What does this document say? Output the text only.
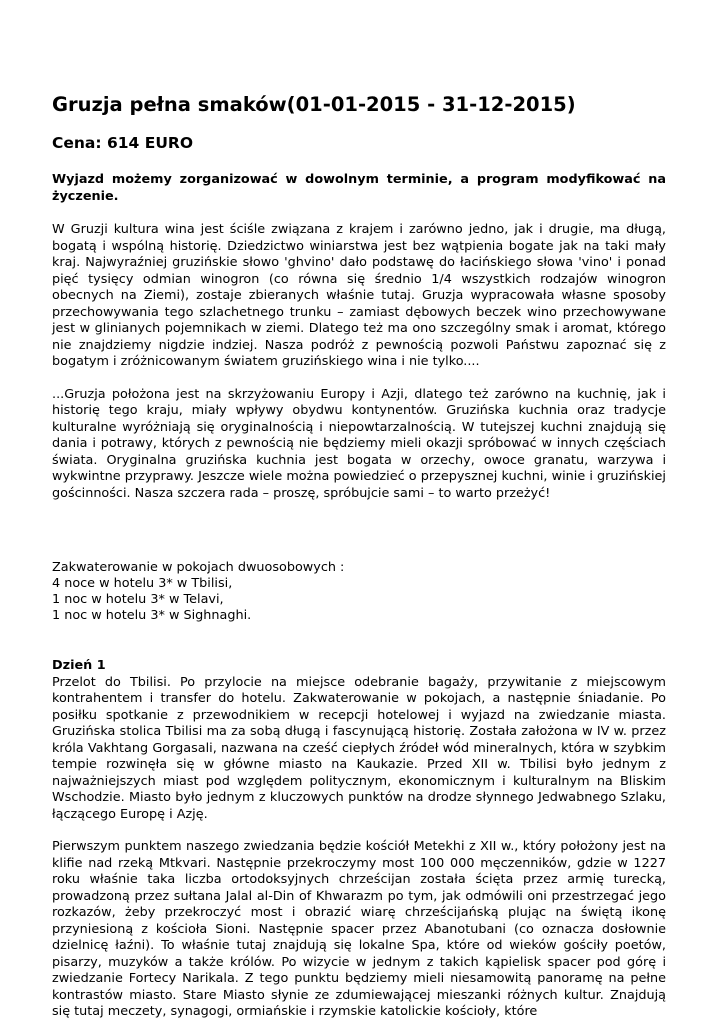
Gruzja pełna smaków(01-01-2015 - 31-12-2015)
Cena: 614 EURO

Wyjazd możemy zorganizować w dowolnym terminie, a program modyfikować na życzenie.

W Gruzji kultura wina jest ściśle związana z krajem i zarówno jedno, jak i drugie, ma długą, bogatą i wspólną historię. Dziedzictwo winiarstwa jest bez wątpienia bogate jak na taki mały kraj. Najwyraźniej gruzińskie słowo 'ghvino' dało podstawę do łacińskiego słowa 'vino' i ponad pięć tysięcy odmian winogron (co równa się średnio 1/4 wszystkich rodzajów winogron obecnych na Ziemi), zostaje zbieranych właśnie tutaj. Gruzja wypracowała własne sposoby przechowywania tego szlachetnego trunku – zamiast dębowych beczek wino przechowywane jest w glinianych pojemnikach w ziemi. Dlatego też ma ono szczególny smak i aromat, którego nie znajdziemy nigdzie indziej. Nasza podróż z pewnością pozwoli Państwu zapoznać się z bogatym i zróżnicowanym światem gruzińskiego wina i nie tylko....

...Gruzja położona jest na skrzyżowaniu Europy i Azji, dlatego też zarówno na kuchnię, jak i historię tego kraju, miały wpływy obydwu kontynentów. Gruzińska kuchnia oraz tradycje kulturalne wyróżniają się oryginalnością i niepowtarzalnością. W tutejszej kuchni znajdują się dania i potrawy, których z pewnością nie będziemy mieli okazji spróbować w innych częściach świata. Oryginalna gruzińska kuchnia jest bogata w orzechy, owoce granatu, warzywa i wykwintne przyprawy. Jeszcze wiele można powiedzieć o przepysznej kuchni, winie i gruzińskiej gościnności. Nasza szczera rada – proszę, spróbujcie sami – to warto przeżyć!

Zakwaterowanie w pokojach dwuosobowych :
4 noce w hotelu 3* w Tbilisi,
1 noc w hotelu 3* w Telavi,
1 noc w hotelu 3* w Sighnaghi.
Dzień 1

Przelot do Tbilisi. Po przylocie na miejsce odebranie bagaży, przywitanie z miejscowym kontrahentem i transfer do hotelu. Zakwaterowanie w pokojach, a następnie śniadanie. Po posiłku spotkanie z przewodnikiem w recepcji hotelowej i wyjazd na zwiedzanie miasta. Gruzińska stolica Tbilisi ma za sobą długą i fascynującą historię. Została założona w IV w. przez króla Vakhtang Gorgasali, nazwana na cześć ciepłych źródeł wód mineralnych, która w szybkim tempie rozwinęła się w główne miasto na Kaukazie. Przed XII w. Tbilisi było jednym z najważniejszych miast pod względem politycznym, ekonomicznym i kulturalnym na Bliskim Wschodzie. Miasto było jednym z kluczowych punktów na drodze słynnego Jedwabnego Szlaku, łączącego Europę i Azję.

Pierwszym punktem naszego zwiedzania będzie kościół Metekhi z XII w., który położony jest na klifie nad rzeką Mtkvari. Następnie przekroczymy most 100 000 męczenników, gdzie w 1227 roku właśnie taka liczba ortodoksyjnych chrześcijan została ścięta przez armię turecką, prowadzoną przez sułtana Jalal al-Din of Khwarazm po tym, jak odmówili oni przestrzegać jego rozkazów, żeby przekroczyć most i obrazić wiarę chrześcijańską plując na świętą ikonę przyniesioną z kościoła Sioni. Następnie spacer przez Abanotubani (co oznacza dosłownie dzielnicę łaźni). To właśnie tutaj znajdują się lokalne Spa, które od wieków gościły poetów, pisarzy, muzyków a także królów. Po wizycie w jednym z takich kąpielisk spacer pod górę i zwiedzanie Fortecy Narikala. Z tego punktu będziemy mieli niesamowitą panoramę na pełne kontrastów miasto. Stare Miasto słynie ze zdumiewającej mieszanki różnych kultur. Znajdują się tutaj meczety, synagogi, ormiańskie i rzymskie katolickie kościoły, które
